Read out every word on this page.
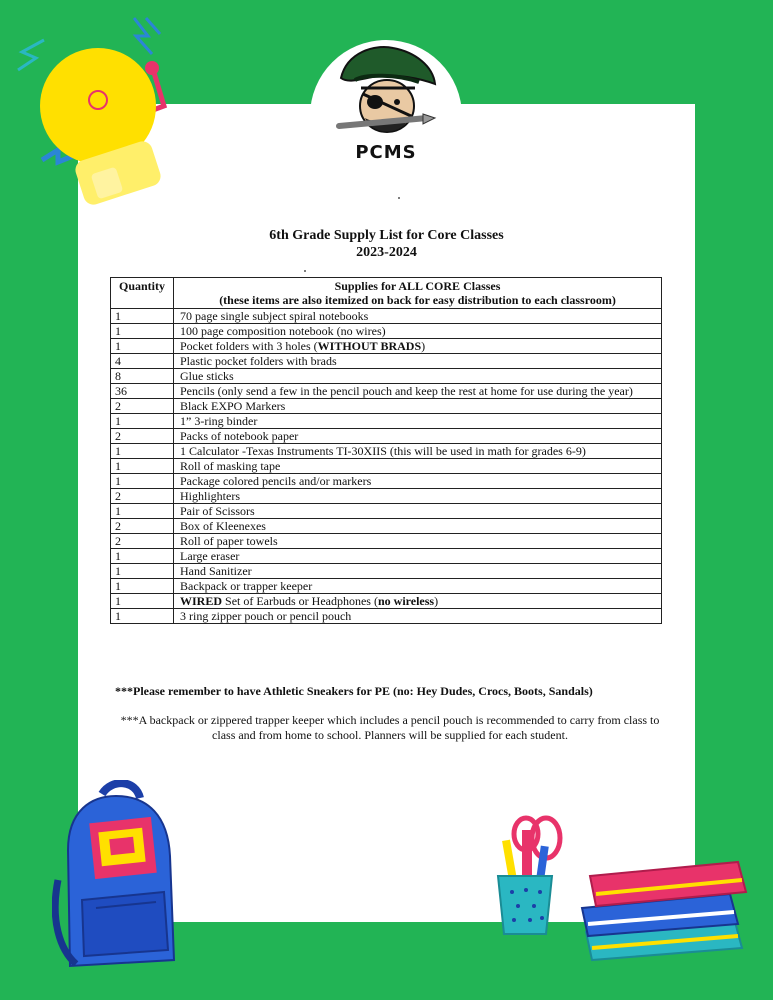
PCMS
6th Grade Supply List for Core Classes
2023-2024
Quantity	Supplies for ALL CORE Classes
(these items are also itemized on back for easy distribution to each classroom)

1	70 page single subject spiral notebooks
1	100 page composition notebook (no wires)
1	Pocket folders with 3 holes (WITHOUT BRADS)
4	Plastic pocket folders with brads
8	Glue sticks
36	Pencils (only send a few in the pencil pouch and keep the rest at home for use during the year)
2	Black EXPO Markers
1	1” 3-ring binder
2	Packs of notebook paper
1	1 Calculator -Texas Instruments TI-30XIIS (this will be used in math for grades 6-9)
1	Roll of masking tape
1	Package colored pencils and/or markers
2	Highlighters
1	Pair of Scissors
2	Box of Kleenexes
2	Roll of paper towels
1	Large eraser
1	Hand Sanitizer
1	Backpack or trapper keeper
1	WIRED Set of Earbuds or Headphones (no wireless)
1	3 ring zipper pouch or pencil pouch
***Please remember to have Athletic Sneakers for PE (no: Hey Dudes, Crocs, Boots, Sandals)
***A backpack or zippered trapper keeper which includes a pencil pouch is recommended to carry from class to class and from home to school. Planners will be supplied for each student.
